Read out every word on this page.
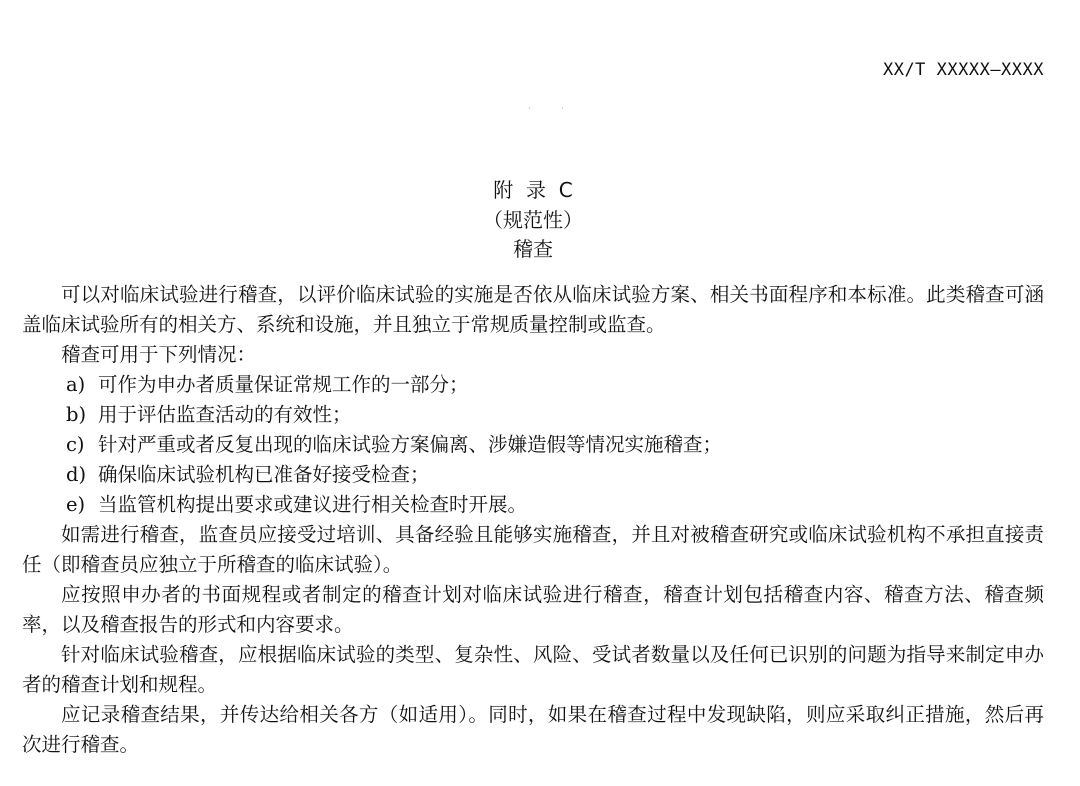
XX/T XXXXX—XXXX
· ·
附  录  C
（规范性）
稽查

可以对临床试验进行稽查，以评价临床试验的实施是否依从临床试验方案、相关书面程序和本标准。此类稽查可涵盖临床试验所有的相关方、系统和设施，并且独立于常规质量控制或监查。

稽查可用于下列情况：

a) 可作为申办者质量保证常规工作的一部分；
b) 用于评估监查活动的有效性；
c) 针对严重或者反复出现的临床试验方案偏离、涉嫌造假等情况实施稽查；
d) 确保临床试验机构已准备好接受检查；
e) 当监管机构提出要求或建议进行相关检查时开展。

如需进行稽查，监查员应接受过培训、具备经验且能够实施稽查，并且对被稽查研究或临床试验机构不承担直接责任（即稽查员应独立于所稽查的临床试验）。

应按照申办者的书面规程或者制定的稽查计划对临床试验进行稽查，稽查计划包括稽查内容、稽查方法、稽查频率，以及稽查报告的形式和内容要求。

针对临床试验稽查，应根据临床试验的类型、复杂性、风险、受试者数量以及任何已识别的问题为指导来制定申办者的稽查计划和规程。

应记录稽查结果，并传达给相关各方（如适用）。同时，如果在稽查过程中发现缺陷，则应采取纠正措施，然后再次进行稽查。
